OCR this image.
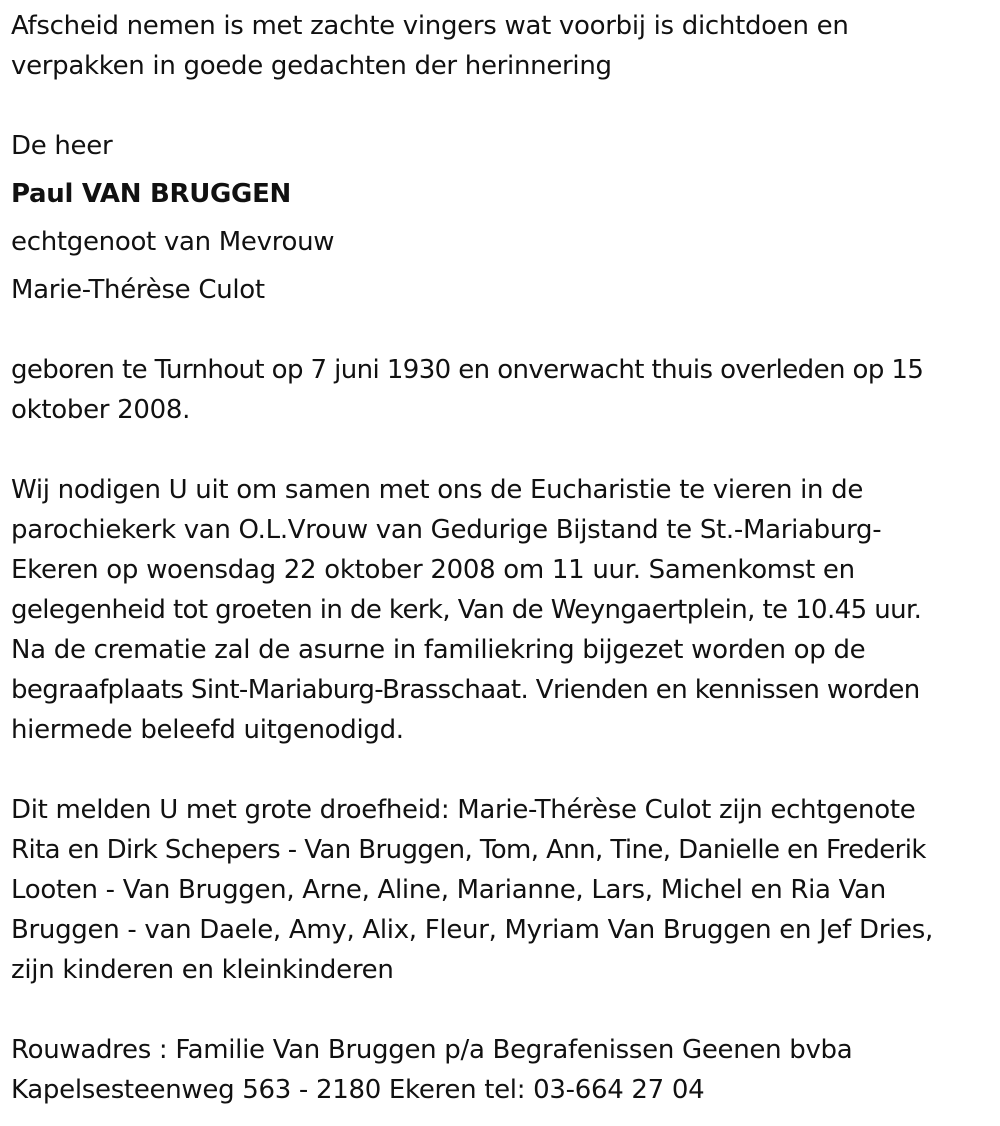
Afscheid nemen is met zachte vingers wat voorbij is dichtdoen en
verpakken in goede gedachten der herinnering
De heer
Paul VAN BRUGGEN
echtgenoot van Mevrouw
Marie-Thérèse Culot
geboren te Turnhout op 7 juni 1930 en onverwacht thuis overleden op 15
oktober 2008.
Wij nodigen U uit om samen met ons de Eucharistie te vieren in de
parochiekerk van O.L.Vrouw van Gedurige Bijstand te St.-Mariaburg-
Ekeren op woensdag 22 oktober 2008 om 11 uur. Samenkomst en
gelegenheid tot groeten in de kerk, Van de Weyngaertplein, te 10.45 uur.
Na de crematie zal de asurne in familiekring bijgezet worden op de
begraafplaats Sint-Mariaburg-Brasschaat. Vrienden en kennissen worden
hiermede beleefd uitgenodigd.
Dit melden U met grote droefheid: Marie-Thérèse Culot zijn echtgenote
Rita en Dirk Schepers - Van Bruggen, Tom, Ann, Tine, Danielle en Frederik
Looten - Van Bruggen, Arne, Aline, Marianne, Lars, Michel en Ria Van
Bruggen - van Daele, Amy, Alix, Fleur, Myriam Van Bruggen en Jef Dries,
zijn kinderen en kleinkinderen
Rouwadres : Familie Van Bruggen p/a Begrafenissen Geenen bvba
Kapelsesteenweg 563 - 2180 Ekeren tel: 03-664 27 04
